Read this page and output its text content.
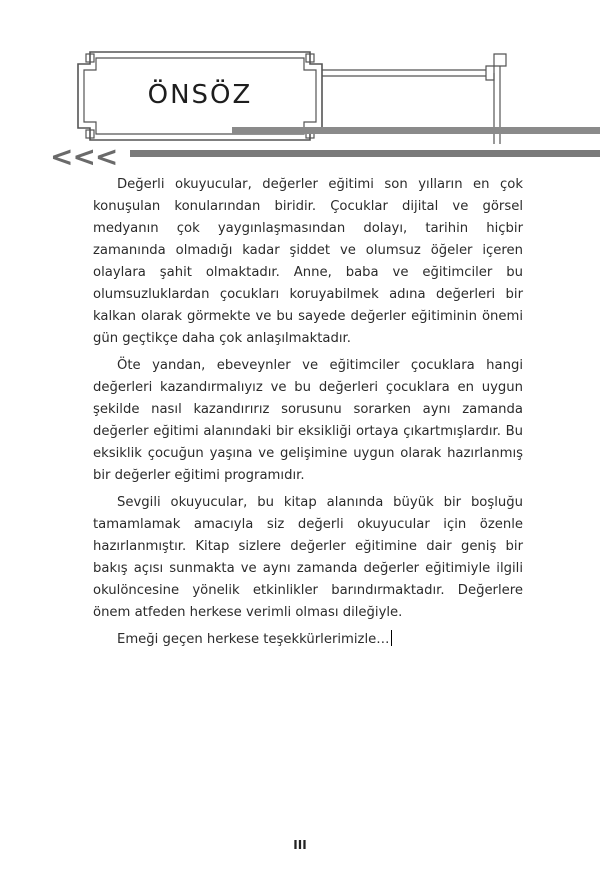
ÖNSÖZ
<<<

Değerli okuyucular, değerler eğitimi son yılların en çok konuşulan konularından biridir. Çocuklar dijital ve görsel medyanın çok yaygınlaşmasından dolayı, tarihin hiçbir zamanında olmadığı kadar şiddet ve olumsuz öğeler içeren olaylara şahit olmaktadır. Anne, baba ve eğitimciler bu olumsuzluklardan çocukları koruyabilmek adına değerleri bir kalkan olarak görmekte ve bu sayede değerler eğitiminin önemi gün geçtikçe daha çok anlaşılmaktadır.

Öte yandan, ebeveynler ve eğitimciler çocuklara hangi değerleri kazandırmalıyız ve bu değerleri çocuklara en uygun şekilde nasıl kazandırırız sorusunu sorarken aynı zamanda değerler eğitimi alanındaki bir eksikliği ortaya çıkartmışlardır. Bu eksiklik çocuğun yaşına ve gelişimine uygun olarak hazırlanmış bir değerler eğitimi programıdır.

Sevgili okuyucular, bu kitap alanında büyük bir boşluğu tamamlamak amacıyla siz değerli okuyucular için özenle hazırlanmıştır. Kitap sizlere değerler eğitimine dair geniş bir bakış açısı sunmakta ve aynı zamanda değerler eğitimiyle ilgili okulöncesine yönelik etkinlikler barındırmaktadır. Değerlere önem atfeden herkese verimli olması dileğiyle.

Emeği geçen herkese teşekkürlerimizle…

III
